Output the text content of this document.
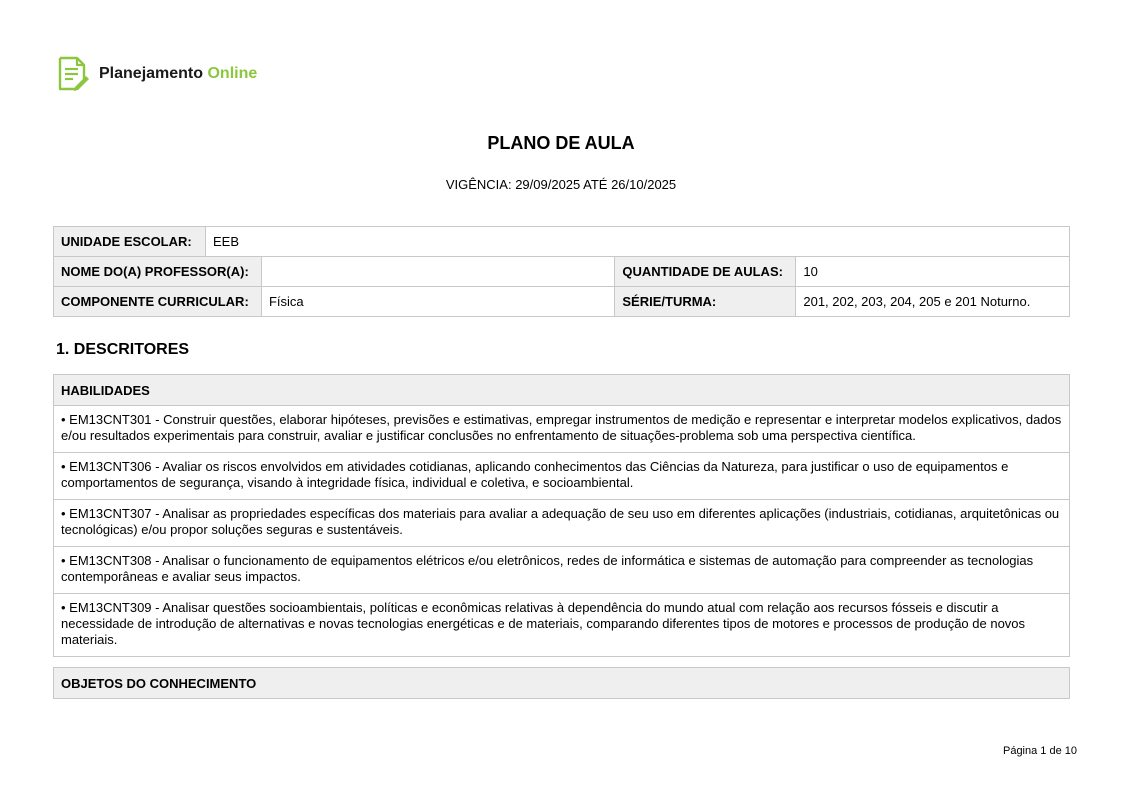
Planejamento Online
PLANO DE AULA
VIGÊNCIA: 29/09/2025 ATÉ 26/10/2025
UNIDADE ESCOLAR:	EEB			
NOME DO(A) PROFESSOR(A):			QUANTIDADE DE AULAS:	10
COMPONENTE CURRICULAR:		Física	SÉRIE/TURMA:	201, 202, 203, 204, 205 e 201 Noturno.
1. DESCRITORES
HABILIDADES
• EM13CNT301 - Construir questões, elaborar hipóteses, previsões e estimativas, empregar instrumentos de medição e representar e interpretar modelos explicativos, dados e/ou resultados experimentais para construir, avaliar e justificar conclusões no enfrentamento de situações-problema sob uma perspectiva científica.
• EM13CNT306 - Avaliar os riscos envolvidos em atividades cotidianas, aplicando conhecimentos das Ciências da Natureza, para justificar o uso de equipamentos e comportamentos de segurança, visando à integridade física, individual e coletiva, e socioambiental.
• EM13CNT307 - Analisar as propriedades específicas dos materiais para avaliar a adequação de seu uso em diferentes aplicações (industriais, cotidianas, arquitetônicas ou tecnológicas) e/ou propor soluções seguras e sustentáveis.
• EM13CNT308 - Analisar o funcionamento de equipamentos elétricos e/ou eletrônicos, redes de informática e sistemas de automação para compreender as tecnologias contemporâneas e avaliar seus impactos.
• EM13CNT309 - Analisar questões socioambientais, políticas e econômicas relativas à dependência do mundo atual com relação aos recursos fósseis e discutir a necessidade de introdução de alternativas e novas tecnologias energéticas e de materiais, comparando diferentes tipos de motores e processos de produção de novos materiais.
OBJETOS DO CONHECIMENTO
Página 1 de 10
